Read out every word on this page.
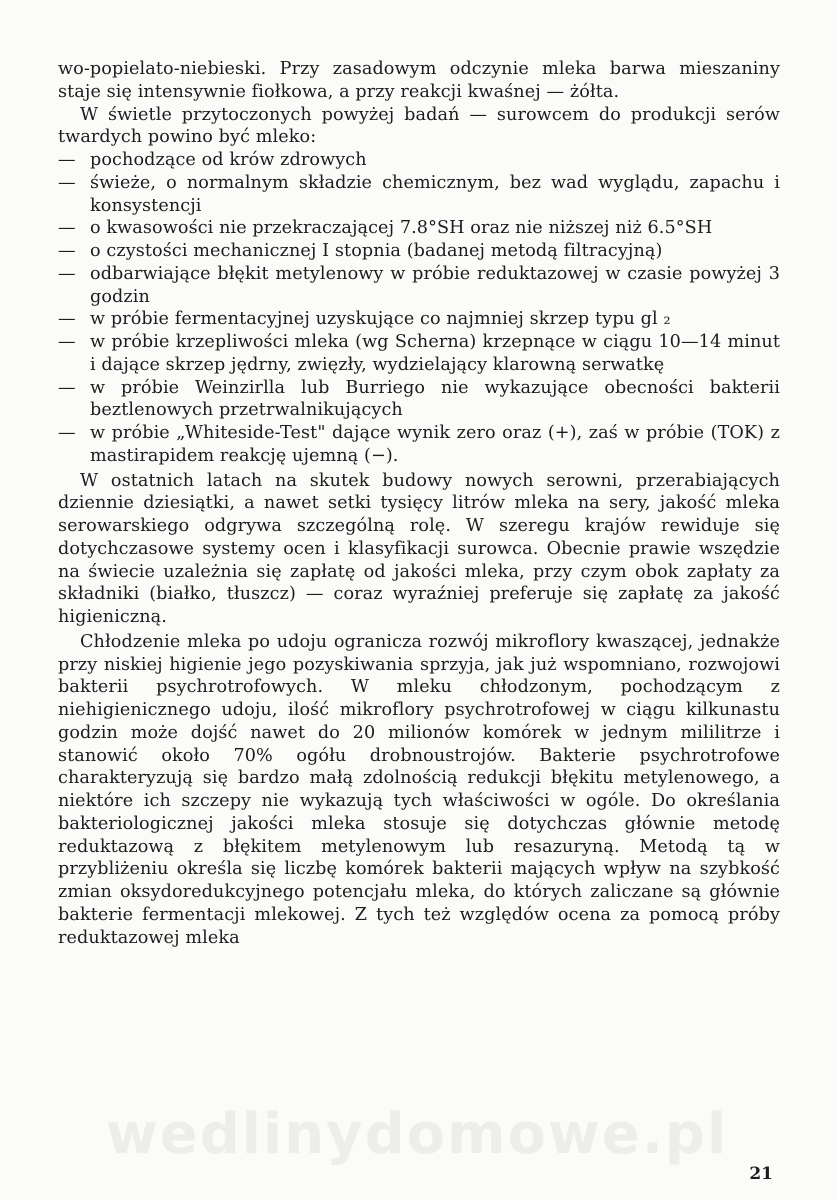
wo-popielato-niebieski. Przy zasadowym odczynie mleka barwa mieszaniny staje się intensywnie fiołkowa, a przy reakcji kwaśnej — żółta.

W świetle przytoczonych powyżej badań — surowcem do produkcji serów twardych powino być mleko:

— pochodzące od krów zdrowych
— świeże, o normalnym składzie chemicznym, bez wad wyglądu, zapachu i konsystencji
— o kwasowości nie przekraczającej 7.8°SH oraz nie niższej niż 6.5°SH
— o czystości mechanicznej I stopnia (badanej metodą filtracyjną)
— odbarwiające błękit metylenowy w próbie reduktazowej w czasie powyżej 3 godzin
— w próbie fermentacyjnej uzyskujące co najmniej skrzep typu gl ₂
— w próbie krzepliwości mleka (wg Scherna) krzepnące w ciągu 10—14 minut i dające skrzep jędrny, zwięzły, wydzielający klarowną serwatkę
— w próbie Weinzirlla lub Burriego nie wykazujące obecności bakterii beztlenowych przetrwalnikujących
— w próbie „Whiteside-Test" dające wynik zero oraz (+), zaś w próbie (TOK) z mastirapidem reakcję ujemną (−).

W ostatnich latach na skutek budowy nowych serowni, przerabiających dziennie dziesiątki, a nawet setki tysięcy litrów mleka na sery, jakość mleka serowarskiego odgrywa szczególną rolę. W szeregu krajów rewiduje się dotychczasowe systemy ocen i klasyfikacji surowca. Obecnie prawie wszędzie na świecie uzależnia się zapłatę od jakości mleka, przy czym obok zapłaty za składniki (białko, tłuszcz) — coraz wyraźniej preferuje się zapłatę za jakość higieniczną.

Chłodzenie mleka po udoju ogranicza rozwój mikroflory kwaszącej, jednakże przy niskiej higienie jego pozyskiwania sprzyja, jak już wspomniano, rozwojowi bakterii psychrotrofowych. W mleku chłodzonym, pochodzącym z niehigienicznego udoju, ilość mikroflory psychrotrofowej w ciągu kilkunastu godzin może dojść nawet do 20 milionów komórek w jednym mililitrze i stanowić około 70% ogółu drobnoustrojów. Bakterie psychrotrofowe charakteryzują się bardzo małą zdolnością redukcji błękitu metylenowego, a niektóre ich szczepy nie wykazują tych właściwości w ogóle. Do określania bakteriologicznej jakości mleka stosuje się dotychczas głównie metodę reduktazową z błękitem metylenowym lub resazuryną. Metodą tą w przybliżeniu określa się liczbę komórek bakterii mających wpływ na szybkość zmian oksydoredukcyjnego potencjału mleka, do których zaliczane są głównie bakterie fermentacji mlekowej. Z tych też względów ocena za pomocą próby reduktazowej mleka

wedlinydomowe.pl
21
